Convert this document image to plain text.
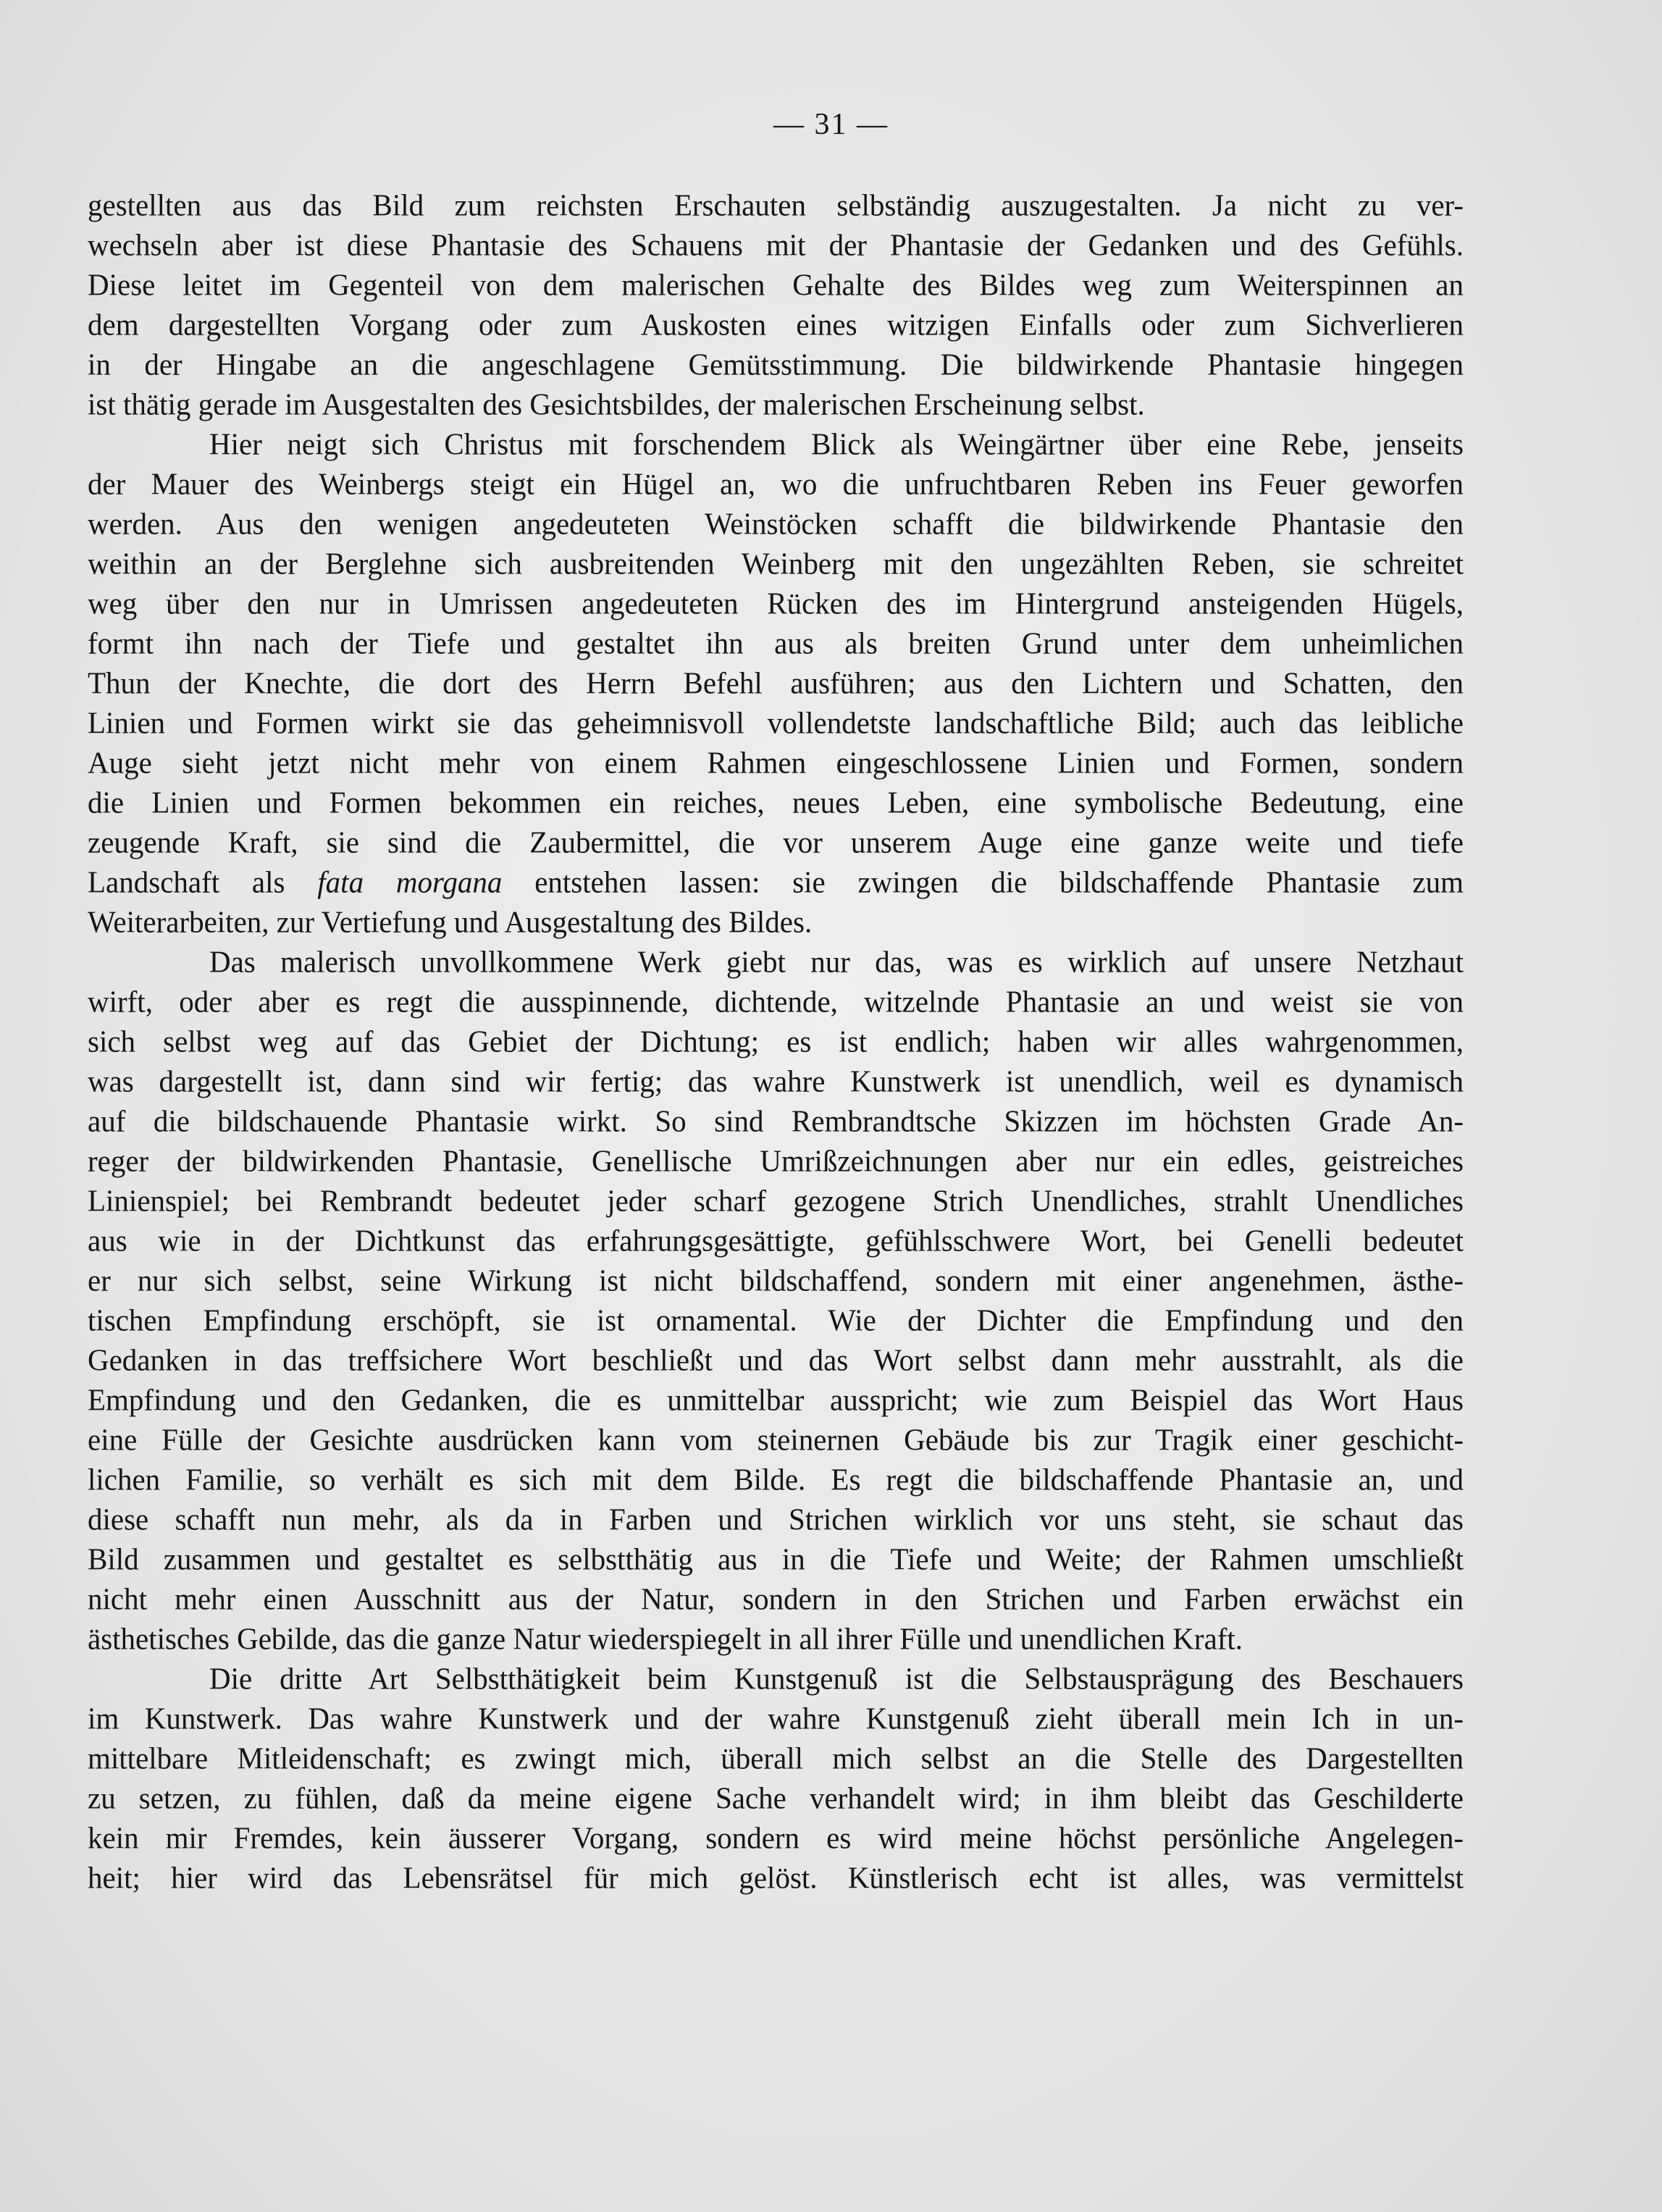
— 31 —
gestellten aus das Bild zum reichsten Erschauten selbständig auszugestalten. Ja nicht zu ver-
wechseln aber ist diese Phantasie des Schauens mit der Phantasie der Gedanken und des Gefühls.
Diese leitet im Gegenteil von dem malerischen Gehalte des Bildes weg zum Weiterspinnen an
dem dargestellten Vorgang oder zum Auskosten eines witzigen Einfalls oder zum Sichverlieren
in der Hingabe an die angeschlagene Gemütsstimmung. Die bildwirkende Phantasie hingegen
ist thätig gerade im Ausgestalten des Gesichtsbildes, der malerischen Erscheinung selbst.
Hier neigt sich Christus mit forschendem Blick als Weingärtner über eine Rebe, jenseits
der Mauer des Weinbergs steigt ein Hügel an, wo die unfruchtbaren Reben ins Feuer geworfen
werden. Aus den wenigen angedeuteten Weinstöcken schafft die bildwirkende Phantasie den
weithin an der Berglehne sich ausbreitenden Weinberg mit den ungezählten Reben, sie schreitet
weg über den nur in Umrissen angedeuteten Rücken des im Hintergrund ansteigenden Hügels,
formt ihn nach der Tiefe und gestaltet ihn aus als breiten Grund unter dem unheimlichen
Thun der Knechte, die dort des Herrn Befehl ausführen; aus den Lichtern und Schatten, den
Linien und Formen wirkt sie das geheimnisvoll vollendetste landschaftliche Bild; auch das leibliche
Auge sieht jetzt nicht mehr von einem Rahmen eingeschlossene Linien und Formen, sondern
die Linien und Formen bekommen ein reiches, neues Leben, eine symbolische Bedeutung, eine
zeugende Kraft, sie sind die Zaubermittel, die vor unserem Auge eine ganze weite und tiefe
Landschaft als fata morgana entstehen lassen: sie zwingen die bildschaffende Phantasie zum
Weiterarbeiten, zur Vertiefung und Ausgestaltung des Bildes.
Das malerisch unvollkommene Werk giebt nur das, was es wirklich auf unsere Netzhaut
wirft, oder aber es regt die ausspinnende, dichtende, witzelnde Phantasie an und weist sie von
sich selbst weg auf das Gebiet der Dichtung; es ist endlich; haben wir alles wahrgenommen,
was dargestellt ist, dann sind wir fertig; das wahre Kunstwerk ist unendlich, weil es dynamisch
auf die bildschauende Phantasie wirkt. So sind Rembrandtsche Skizzen im höchsten Grade An-
reger der bildwirkenden Phantasie, Genellische Umrißzeichnungen aber nur ein edles, geistreiches
Linienspiel; bei Rembrandt bedeutet jeder scharf gezogene Strich Unendliches, strahlt Unendliches
aus wie in der Dichtkunst das erfahrungsgesättigte, gefühlsschwere Wort, bei Genelli bedeutet
er nur sich selbst, seine Wirkung ist nicht bildschaffend, sondern mit einer angenehmen, ästhe-
tischen Empfindung erschöpft, sie ist ornamental. Wie der Dichter die Empfindung und den
Gedanken in das treffsichere Wort beschließt und das Wort selbst dann mehr ausstrahlt, als die
Empfindung und den Gedanken, die es unmittelbar ausspricht; wie zum Beispiel das Wort Haus
eine Fülle der Gesichte ausdrücken kann vom steinernen Gebäude bis zur Tragik einer geschicht-
lichen Familie, so verhält es sich mit dem Bilde. Es regt die bildschaffende Phantasie an, und
diese schafft nun mehr, als da in Farben und Strichen wirklich vor uns steht, sie schaut das
Bild zusammen und gestaltet es selbstthätig aus in die Tiefe und Weite; der Rahmen umschließt
nicht mehr einen Ausschnitt aus der Natur, sondern in den Strichen und Farben erwächst ein
ästhetisches Gebilde, das die ganze Natur wiederspiegelt in all ihrer Fülle und unendlichen Kraft.
Die dritte Art Selbstthätigkeit beim Kunstgenuß ist die Selbstausprägung des Beschauers
im Kunstwerk. Das wahre Kunstwerk und der wahre Kunstgenuß zieht überall mein Ich in un-
mittelbare Mitleidenschaft; es zwingt mich, überall mich selbst an die Stelle des Dargestellten
zu setzen, zu fühlen, daß da meine eigene Sache verhandelt wird; in ihm bleibt das Geschilderte
kein mir Fremdes, kein äusserer Vorgang, sondern es wird meine höchst persönliche Angelegen-
heit; hier wird das Lebensrätsel für mich gelöst. Künstlerisch echt ist alles, was vermittelst
